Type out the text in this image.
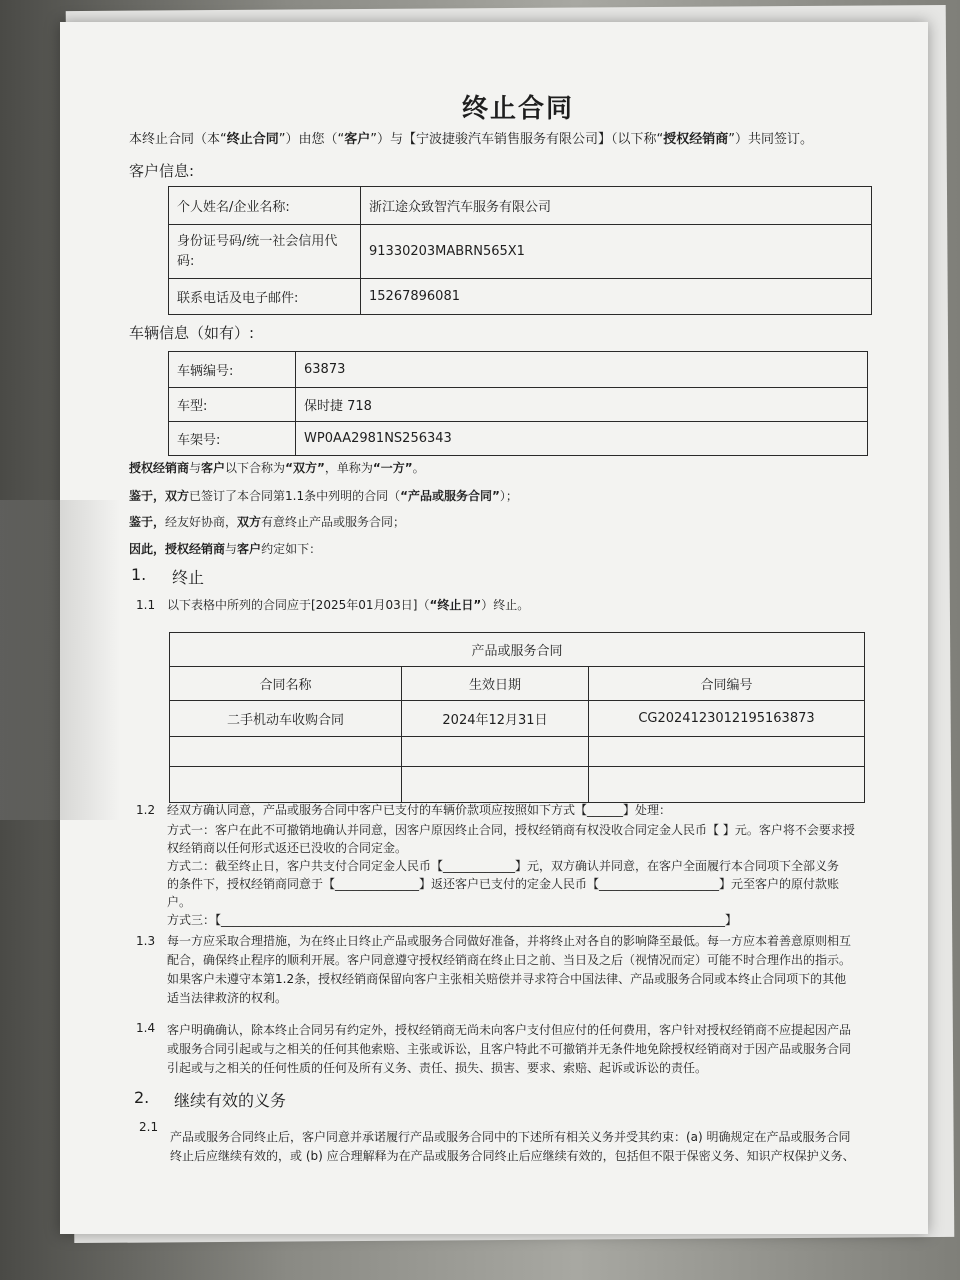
终止合同
本终止合同（本“终止合同”）由您（“客户”）与【宁波捷骏汽车销售服务有限公司】（以下称“授权经销商”）共同签订。
客户信息:
个人姓名/企业名称:	浙江途众致智汽车服务有限公司
身份证号码/统一社会信用代码:	91330203MABRN565X1
联系电话及电子邮件:	15267896081
车辆信息（如有）:
车辆编号:	63873
车型:	保时捷 718
车架号:	WP0AA2981NS256343
授权经销商与客户以下合称为“双方”，单称为“一方”。
鉴于，双方已签订了本合同第1.1条中列明的合同（“产品或服务合同”）；
鉴于，经友好协商，双方有意终止产品或服务合同；
因此，授权经销商与客户约定如下：
1. 终止
1.1 以下表格中所列的合同应于[2025年01月03日]（“终止日”）终止。
产品或服务合同		
合同名称	生效日期	合同编号
二手机动车收购合同	2024年12月31日	CG2024123012195163873

1.2 经双方确认同意，产品或服务合同中客户已支付的车辆价款项应按照如下方式【______】处理：
方式一：客户在此不可撤销地确认并同意，因客户原因终止合同，授权经销商有权没收合同定金人民币【 】元。客户将不会要求授
权经销商以任何形式返还已没收的合同定金。
方式二：截至终止日，客户共支付合同定金人民币【____________】元，双方确认并同意，在客户全面履行本合同项下全部义务
的条件下，授权经销商同意于【______________】返还客户已支付的定金人民币【____________________】元至客户的原付款账
户。
方式三：【____________________________________________________________________________________】
1.3 每一方应采取合理措施，为在终止日终止产品或服务合同做好准备，并将终止对各自的影响降至最低。每一方应本着善意原则相互
配合，确保终止程序的顺利开展。客户同意遵守授权经销商在终止日之前、当日及之后（视情况而定）可能不时合理作出的指示。
如果客户未遵守本第1.2条，授权经销商保留向客户主张相关赔偿并寻求符合中国法律、产品或服务合同或本终止合同项下的其他
适当法律救济的权利。
1.4 客户明确确认，除本终止合同另有约定外，授权经销商无尚未向客户支付但应付的任何费用，客户针对授权经销商不应提起因产品
或服务合同引起或与之相关的任何其他索赔、主张或诉讼，且客户特此不可撤销并无条件地免除授权经销商对于因产品或服务合同
引起或与之相关的任何性质的任何及所有义务、责任、损失、损害、要求、索赔、起诉或诉讼的责任。
2. 继续有效的义务
2.1
产品或服务合同终止后，客户同意并承诺履行产品或服务合同中的下述所有相关义务并受其约束：(a) 明确规定在产品或服务合同
终止后应继续有效的，或 (b) 应合理解释为在产品或服务合同终止后应继续有效的，包括但不限于保密义务、知识产权保护义务、
